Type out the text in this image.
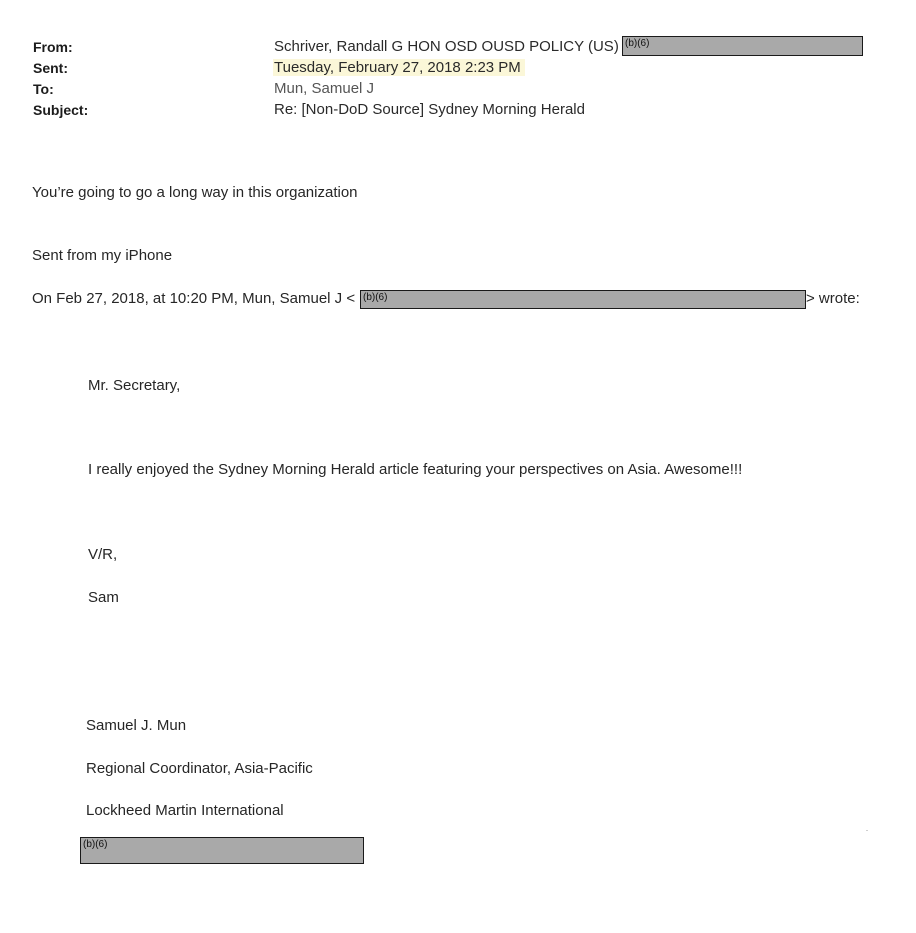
From:	Schriver, Randall G HON OSD OUSD POLICY (US) (b)(6)
Sent:	Tuesday, February 27, 2018 2:23 PM
To:	Mun, Samuel J
Subject:	Re: [Non-DoD Source] Sydney Morning Herald
You’re going to go a long way in this organization
Sent from my iPhone
On Feb 27, 2018, at 10:20 PM, Mun, Samuel J < (b)(6)	> wrote:
Mr. Secretary,
I really enjoyed the Sydney Morning Herald article featuring your perspectives on Asia. Awesome!!!
V/R,
Sam
Samuel J. Mun
Regional Coordinator, Asia-Pacific
Lockheed Martin International
(b)(6)
